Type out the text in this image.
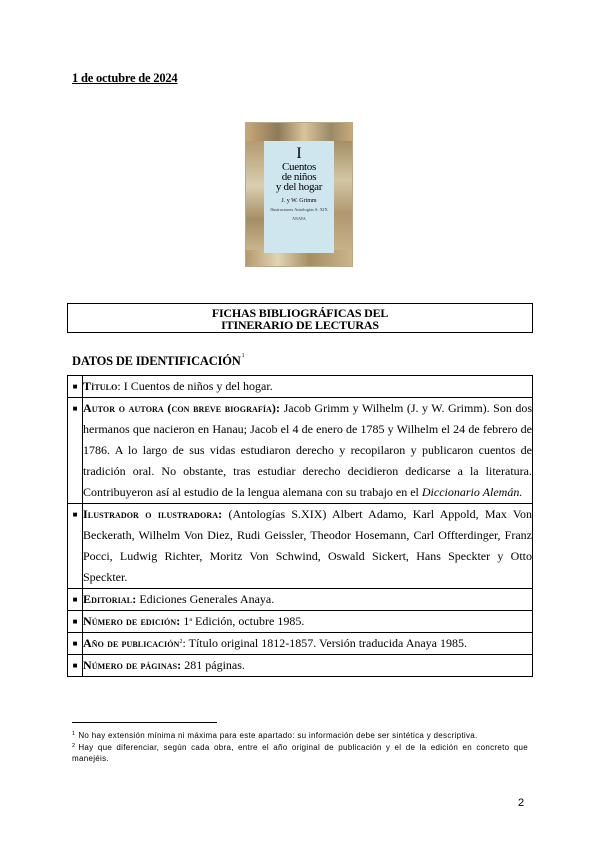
1 de octubre de 2024
I
Cuentos
de niños
y del hogar
J. y W. Grimm
Ilustraciones Antologías S. XIX
ANAYA
FICHAS BIBLIOGRÁFICAS DEL
ITINERARIO DE LECTURAS
DATOS DE IDENTIFICACIÓN$^1$
■	Título: I Cuentos de niños y del hogar.
■	Autor o autora (con breve biografía): Jacob Grimm y Wilhelm (J. y W. Grimm). Son dos hermanos que nacieron en Hanau; Jacob el 4 de enero de 1785 y Wilhelm el 24 de febrero de 1786. A lo largo de sus vidas estudiaron derecho y recopilaron y publicaron cuentos de tradición oral. No obstante, tras estudiar derecho decidieron dedicarse a la literatura. Contribuyeron así al estudio de la lengua alemana con su trabajo en el Diccionario Alemán.
■	Ilustrador o ilustradora: (Antologías S.XIX) Albert Adamo, Karl Appold, Max Von Beckerath, Wilhelm Von Diez, Rudi Geissler, Theodor Hosemann, Carl Offterdinger, Franz Pocci, Ludwig Richter, Moritz Von Schwind, Oswald Sickert, Hans Speckter y Otto Speckter.
■	Editorial: Ediciones Generales Anaya.
■	Número de edición: 1$^a$ Edición, octubre 1985.
■	Año de publicación$^2$: Título original 1812-1857. Versión traducida Anaya 1985.
■	Número de páginas: 281 páginas.
$^1$ No hay extensión mínima ni máxima para este apartado: su información debe ser sintética y descriptiva.
$^2$ Hay que diferenciar, según cada obra, entre el año original de publicación y el de la edición en concreto que manejéis.
2
